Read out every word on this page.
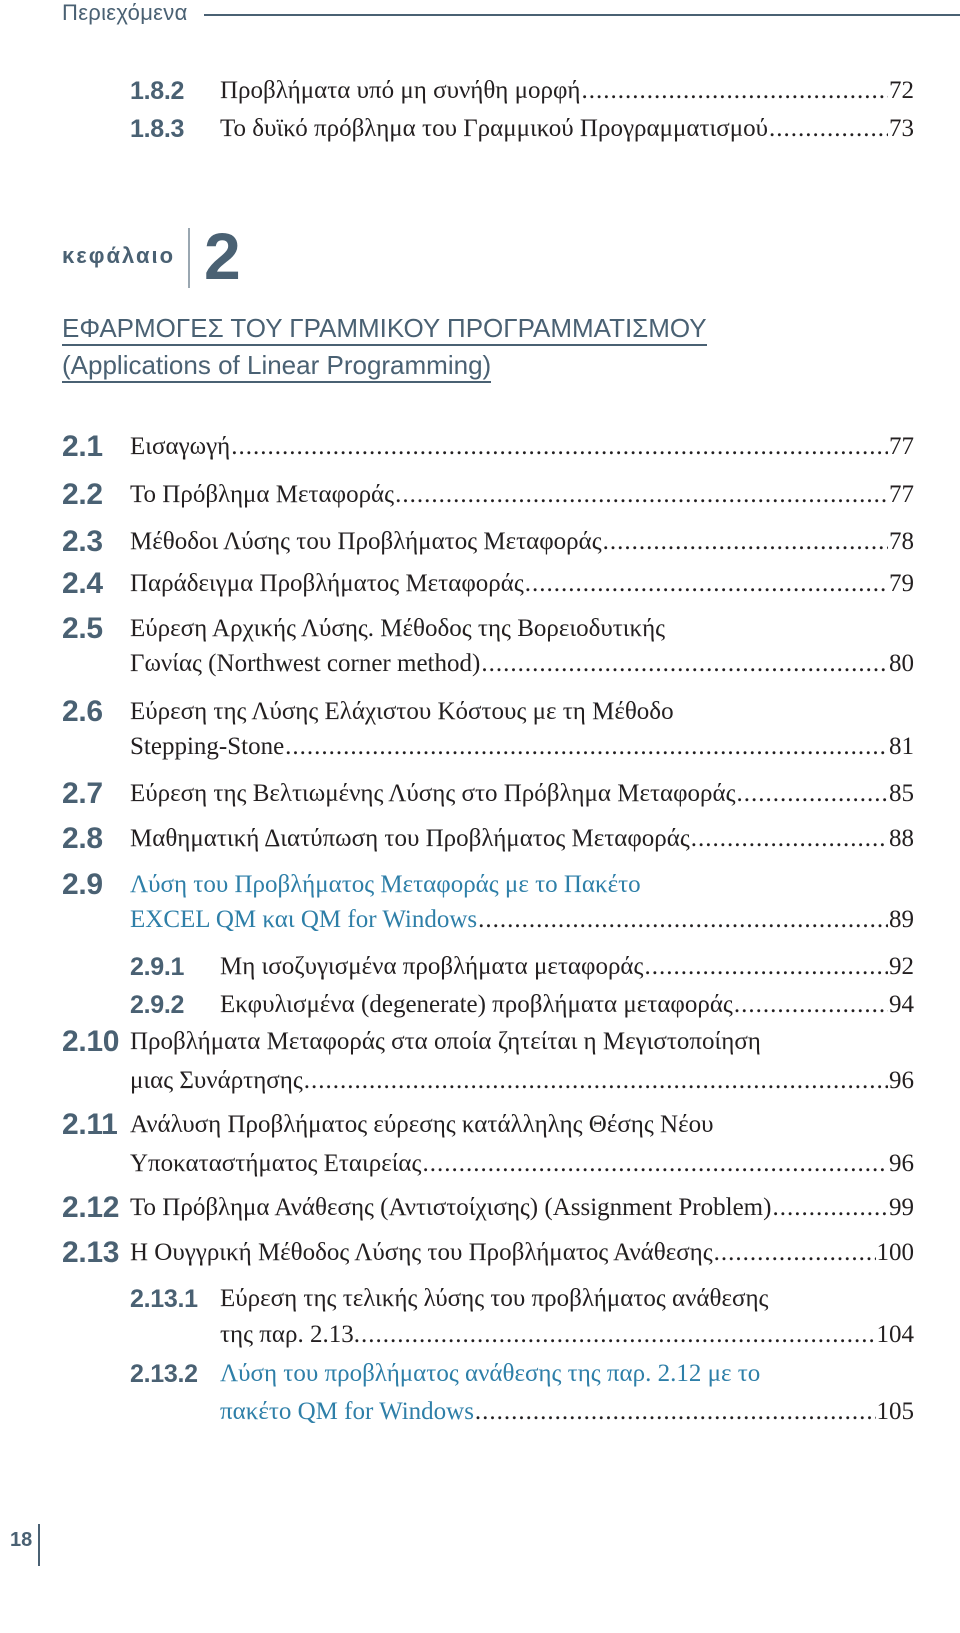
Περιεχόμενα
1.8.2 Προβλήματα υπό μη συνήθη μορφή .....	72
1.8.3 Το δυϊκό πρόβλημα του Γραμμικού Προγραμματισμού .....	73
κεφάλαιο 2
ΕΦΑΡΜΟΓΕΣ ΤΟΥ ΓΡΑΜΜΙΚΟΥ ΠΡΟΓΡΑΜΜΑΤΙΣΜΟΥ
(Applications of Linear Programming)
2.1 Εισαγωγή .....	77
2.2 Το Πρόβλημα Μεταφοράς .....	77
2.3 Μέθοδοι Λύσης του Προβλήματος Μεταφοράς .....	78
2.4 Παράδειγμα Προβλήματος Μεταφοράς .....	79
2.5 Εύρεση Αρχικής Λύσης. Μέθοδος της Βορειοδυτικής
Γωνίας (Northwest corner method) .....	80
2.6 Εύρεση της Λύσης Ελάχιστου Κόστους με τη Μέθοδο
Stepping-Stone .....	81
2.7 Εύρεση της Βελτιωμένης Λύσης στο Πρόβλημα Μεταφοράς .....	85
2.8 Μαθηματική Διατύπωση του Προβλήματος Μεταφοράς .....	88
2.9 Λύση του Προβλήματος Μεταφοράς με το Πακέτο
EXCEL QM και QM for Windows .....	89
2.9.1 Μη ισοζυγισμένα προβλήματα μεταφοράς .....	92
2.9.2 Εκφυλισμένα (degenerate) προβλήματα μεταφοράς .....	94
2.10 Προβλήματα Μεταφοράς στα οποία ζητείται η Μεγιστοποίηση
μιας Συνάρτησης .....	96
2.11 Ανάλυση Προβλήματος εύρεσης κατάλληλης Θέσης Νέου
Υποκαταστήματος Εταιρείας .....	96
2.12 Το Πρόβλημα Ανάθεσης (Αντιστοίχισης) (Assignment Problem) .....	99
2.13 Η Ουγγρική Μέθοδος Λύσης του Προβλήματος Ανάθεσης .....	100
2.13.1 Εύρεση της τελικής λύσης του προβλήματος ανάθεσης
της παρ. 2.13. .....	104
2.13.2 Λύση του προβλήματος ανάθεσης της παρ. 2.12 με το
πακέτο QM for Windows .....	105
18
